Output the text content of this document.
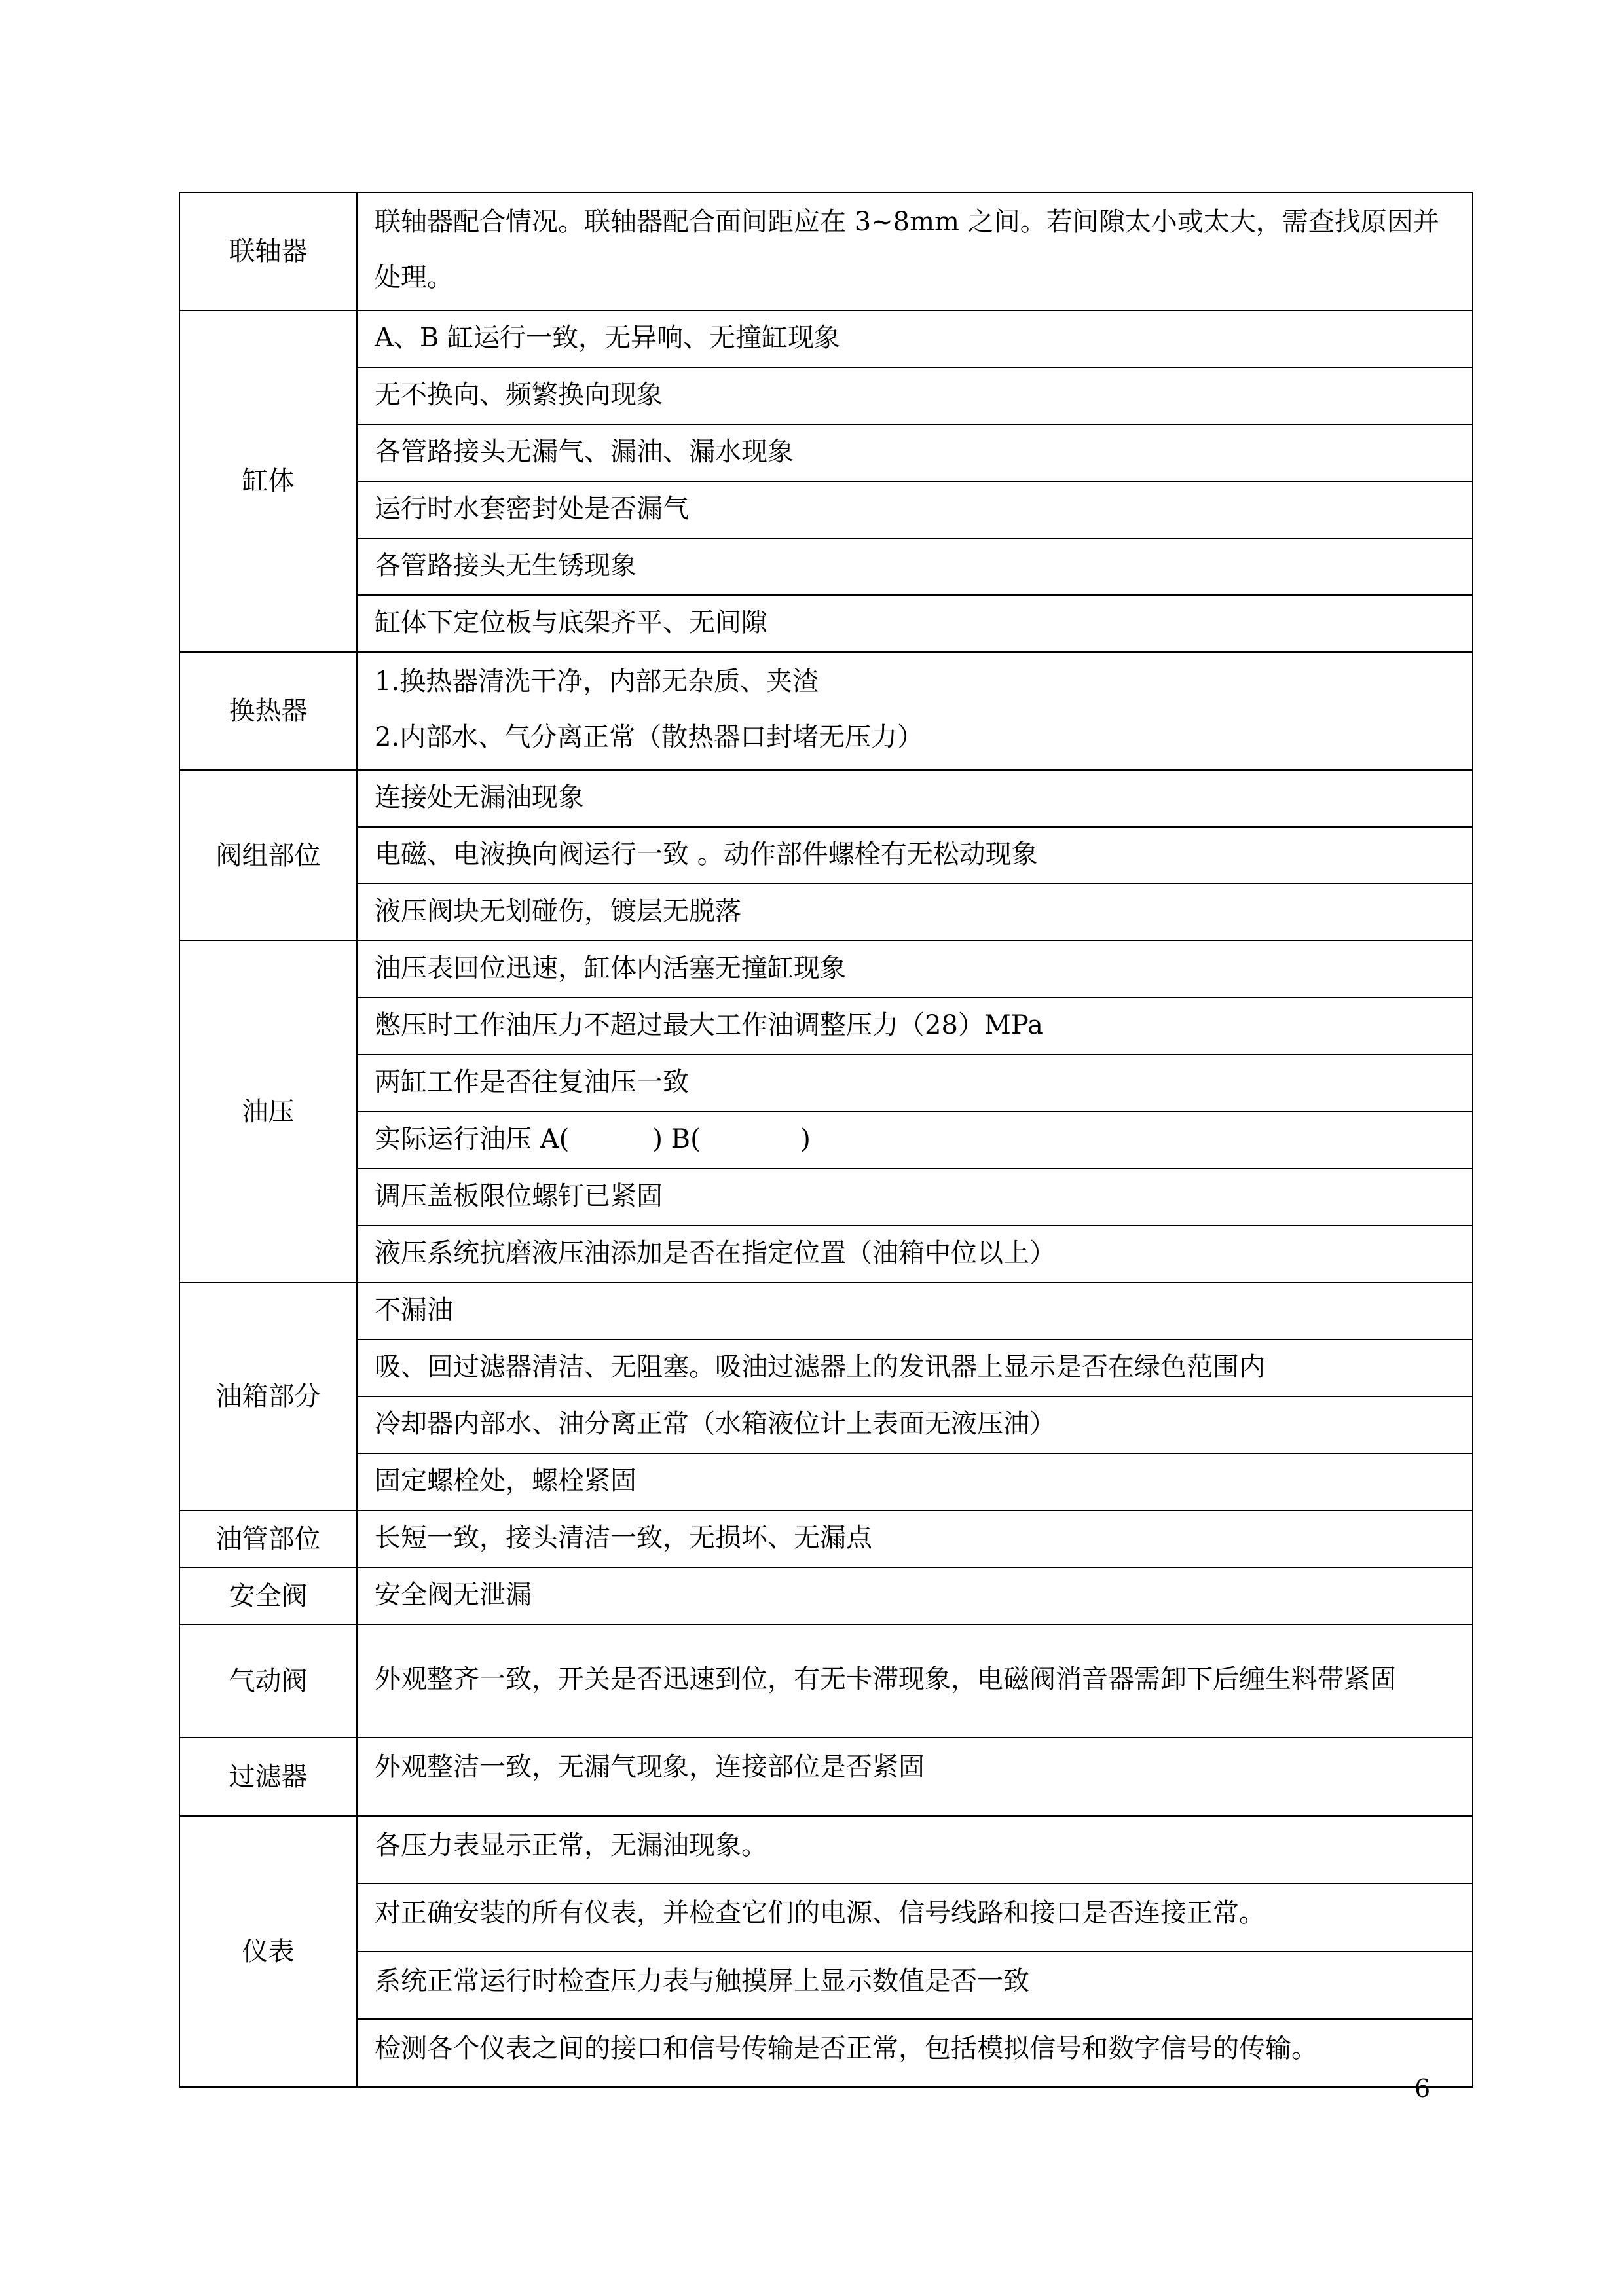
联轴器	联轴器配合情况。联轴器配合面间距应在 3~8mm 之间。若间隙太小或太大，需查找原因并处理。
缸体	A、B 缸运行一致，无异响、无撞缸现象
	无不换向、频繁换向现象
	各管路接头无漏气、漏油、漏水现象
	运行时水套密封处是否漏气
	各管路接头无生锈现象
	缸体下定位板与底架齐平、无间隙
换热器	1.换热器清洗干净，内部无杂质、夹渣
2.内部水、气分离正常（散热器口封堵无压力）

阀组部位	连接处无漏油现象
	电磁、电液换向阀运行一致 。动作部件螺栓有无松动现象
	液压阀块无划碰伤，镀层无脱落
油压	油压表回位迅速，缸体内活塞无撞缸现象
	憋压时工作油压力不超过最大工作油调整压力（28）MPa
	两缸工作是否往复油压一致
	实际运行油压 A(          ) B(            )
	调压盖板限位螺钉已紧固
	液压系统抗磨液压油添加是否在指定位置（油箱中位以上）
油箱部分	不漏油
	吸、回过滤器清洁、无阻塞。吸油过滤器上的发讯器上显示是否在绿色范围内
	冷却器内部水、油分离正常（水箱液位计上表面无液压油）
	固定螺栓处，螺栓紧固
油管部位	长短一致，接头清洁一致，无损坏、无漏点
安全阀	安全阀无泄漏
气动阀	外观整齐一致，开关是否迅速到位，有无卡滞现象，电磁阀消音器需卸下后缠生料带紧固
过滤器	外观整洁一致，无漏气现象，连接部位是否紧固
仪表	各压力表显示正常，无漏油现象。
	对正确安装的所有仪表，并检查它们的电源、信号线路和接口是否连接正常。
	系统正常运行时检查压力表与触摸屏上显示数值是否一致
	检测各个仪表之间的接口和信号传输是否正常，包括模拟信号和数字信号的传输。
6
